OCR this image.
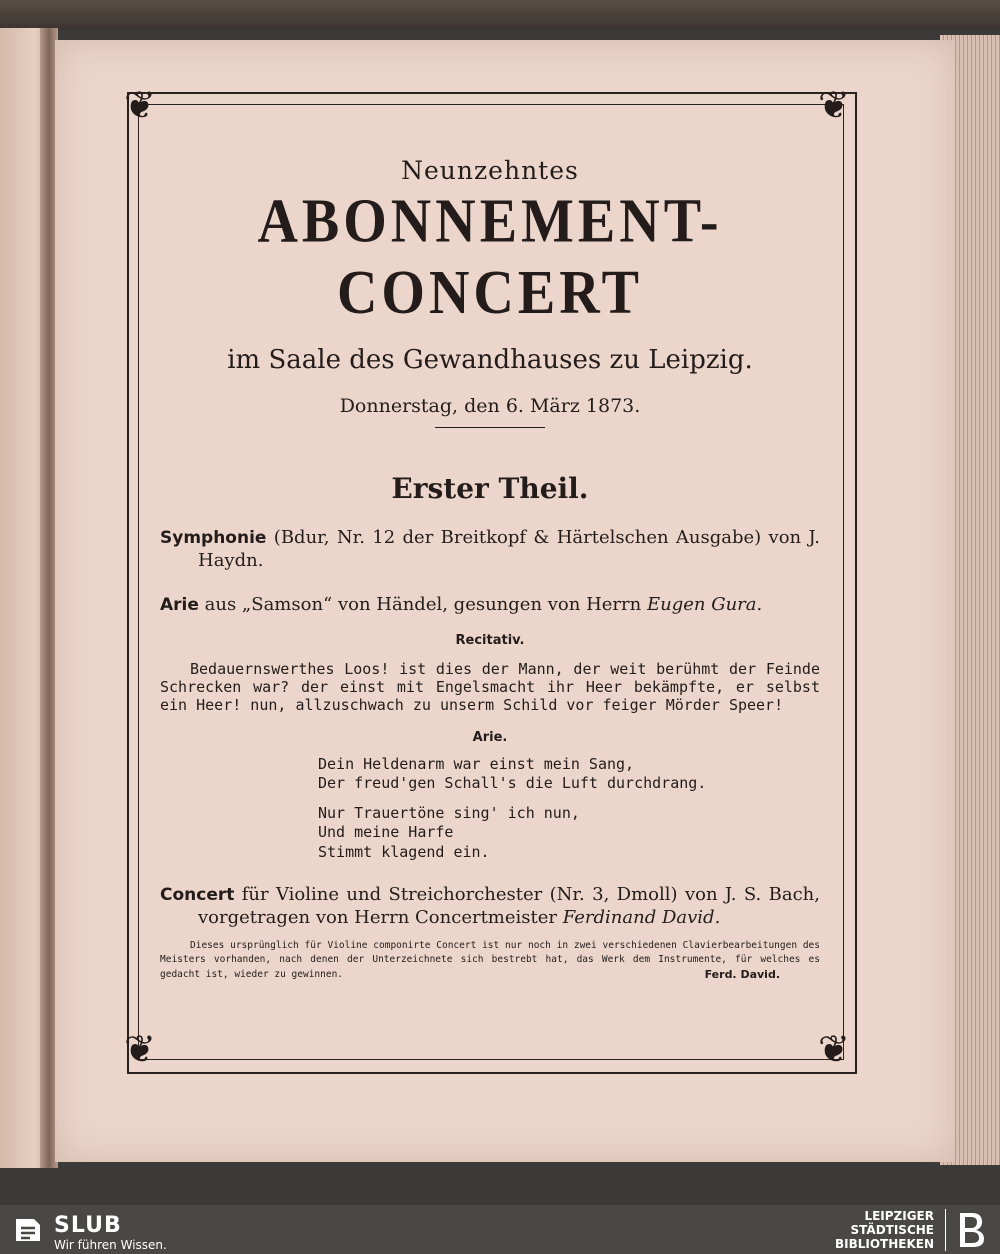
❦	❦
❦	❦
Neunzehntes
ABONNEMENT-CONCERT
im Saale des Gewandhauses zu Leipzig.
Donnerstag, den 6. März 1873.
Erster Theil.
Symphonie (Bdur, Nr. 12 der Breitkopf & Härtelschen Ausgabe) von J. Haydn.
Arie aus „Samson“ von Händel, gesungen von Herrn Eugen Gura.
Recitativ.
Bedauernswerthes Loos! ist dies der Mann, der weit berühmt der Feinde Schrecken war? der einst mit Engelsmacht ihr Heer bekämpfte, er selbst ein Heer! nun, allzuschwach zu unserm Schild vor feiger Mörder Speer!
Arie.
Dein Heldenarm war einst mein Sang,
Der freud'gen Schall's die Luft durchdrang.
Nur Trauertöne sing' ich nun,
Und meine Harfe
Stimmt klagend ein.
Concert für Violine und Streichorchester (Nr. 3, Dmoll) von J. S. Bach, vorgetragen von Herrn Concertmeister Ferdinand David.
Dieses ursprünglich für Violine componirte Concert ist nur noch in zwei verschiedenen Clavierbearbeitungen des Meisters vorhanden, nach denen der Unterzeichnete sich bestrebt hat, das Werk dem Instrumente, für welches es gedacht ist, wieder zu gewinnen.	Ferd. David.
SLUB
Wir führen Wissen.
LEIPZIGER
STÄDTISCHE
BIBLIOTHEKEN
